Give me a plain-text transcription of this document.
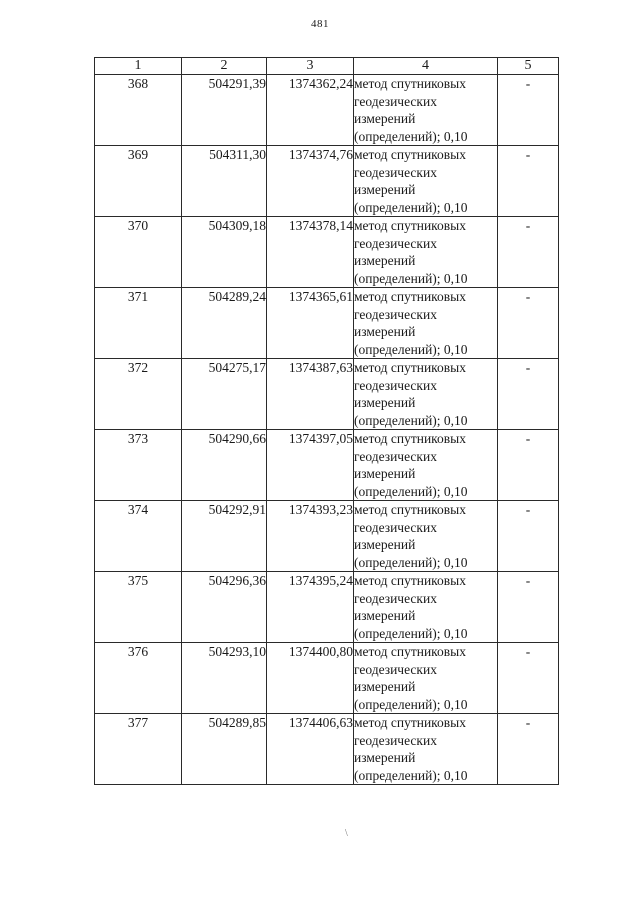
481
1	2	3	4	5
368	504291,39	1374362,24	метод спутниковых геодезических измерений (определений); 0,10	-
369	504311,30	1374374,76	метод спутниковых геодезических измерений (определений); 0,10	-
370	504309,18	1374378,14	метод спутниковых геодезических измерений (определений); 0,10	-
371	504289,24	1374365,61	метод спутниковых геодезических измерений (определений); 0,10	-
372	504275,17	1374387,63	метод спутниковых геодезических измерений (определений); 0,10	-
373	504290,66	1374397,05	метод спутниковых геодезических измерений (определений); 0,10	-
374	504292,91	1374393,23	метод спутниковых геодезических измерений (определений); 0,10	-
375	504296,36	1374395,24	метод спутниковых геодезических измерений (определений); 0,10	-
376	504293,10	1374400,80	метод спутниковых геодезических измерений (определений); 0,10	-
377	504289,85	1374406,63	метод спутниковых геодезических измерений (определений); 0,10	-
\
